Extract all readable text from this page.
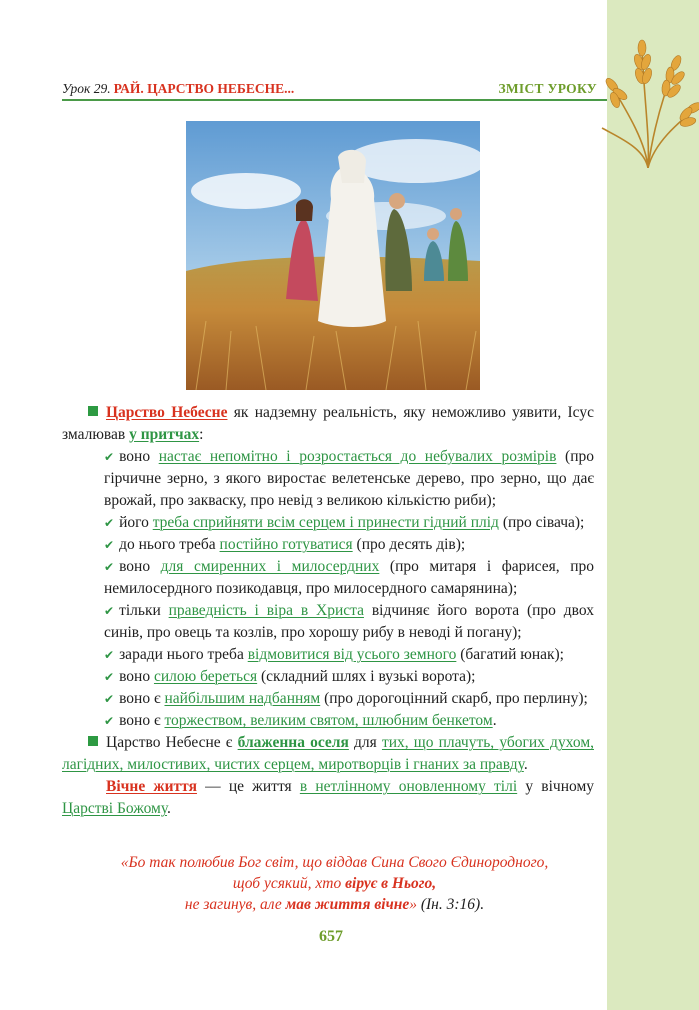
Урок 29. РАЙ. ЦАРСТВО НЕБЕСНЕ...	ЗМІСТ УРОКУ

Царство Небесне як надземну реальність, яку неможливо уявити, Ісус змалював у притчах:

✔ воно настає непомітно і розростається до небувалих розмірів (про гірчичне зерно, з якого виростає велетенське дерево, про зерно, що дає врожай, про закваску, про невід з великою кількістю риби);

✔ його треба сприйняти всім серцем і принести гідний плід (про сівача);

✔ до нього треба постійно готуватися (про десять дів);

✔ воно для смиренних і милосердних (про митаря і фарисея, про немилосердного позикодавця, про милосердного самарянина);

✔ тільки праведність і віра в Христа відчиняє його ворота (про двох синів, про овець та козлів, про хорошу рибу в неводі й погану);

✔ заради нього треба відмовитися від усього земного (багатий юнак);

✔ воно силою береться (складний шлях і вузькі ворота);

✔ воно є найбільшим надбанням (про дорогоцінний скарб, про перлину);

✔ воно є торжеством, великим святом, шлюбним бенкетом.

Царство Небесне є блаженна оселя для тих, що плачуть, убогих духом, лагідних, милостивих, чистих серцем, миротворців і гнаних за правду.

Вічне життя — це життя в нетлінному оновленному тілі у вічному Царстві Божому.

«Бо так полюбив Бог світ, що віддав Сина Свого Єдинородного,
щоб усякий, хто вірує в Нього,
не загинув, але мав життя вічне» (Ін. 3:16).
657
